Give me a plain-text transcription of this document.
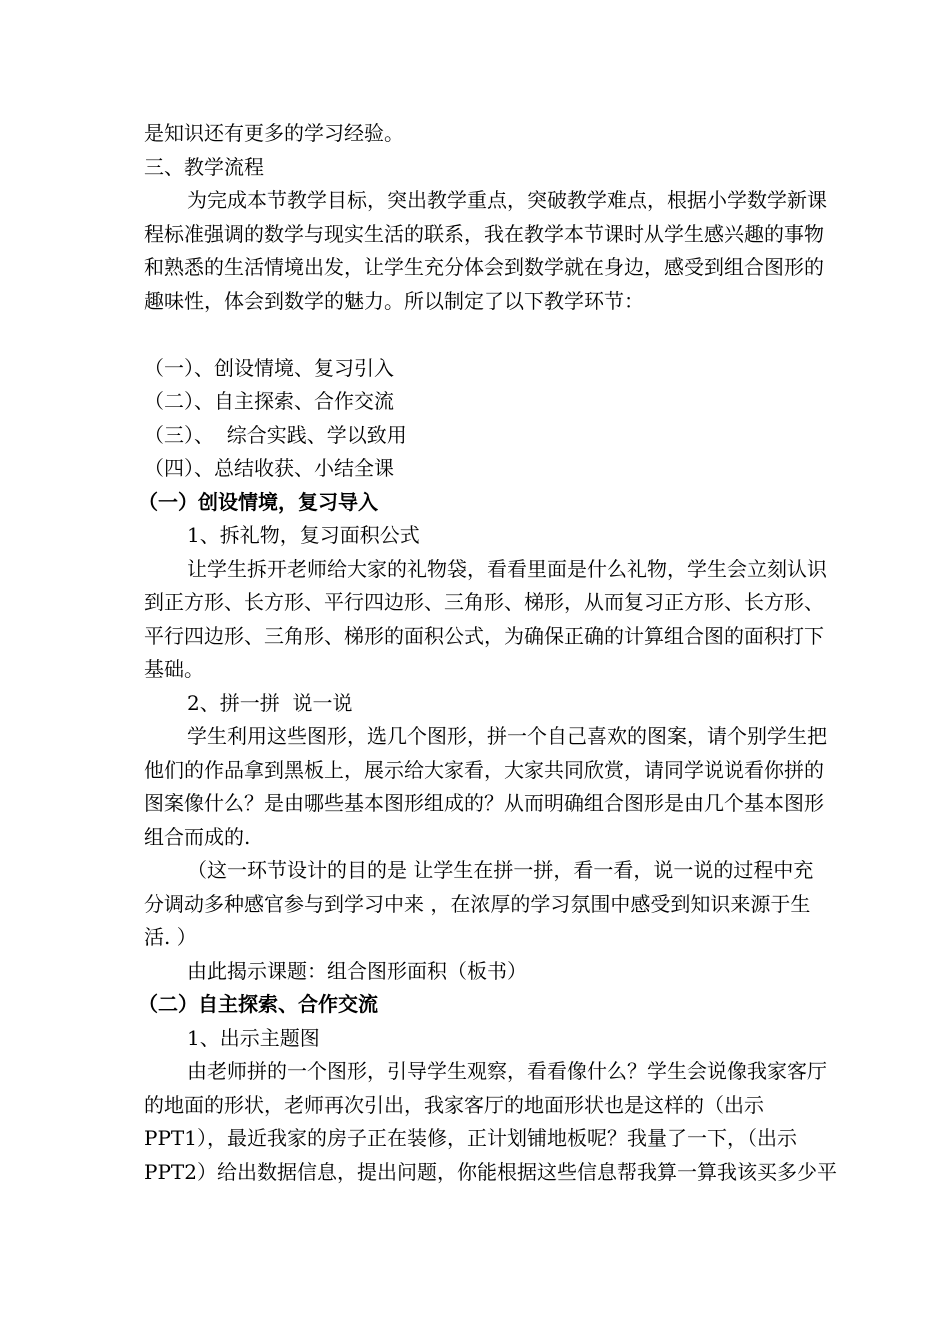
是知识还有更多的学习经验。
三、教学流程
为完成本节教学目标，突出教学重点，突破教学难点，根据小学数学新课
程标准强调的数学与现实生活的联系，我在教学本节课时从学生感兴趣的事物
和熟悉的生活情境出发，让学生充分体会到数学就在身边，感受到组合图形的
趣味性，体会到数学的魅力。所以制定了以下教学环节：
（一）、创设情境、复习引入
（二）、自主探索、合作交流
（三）、  综合实践、学以致用
（四）、总结收获、小结全课
（一）创设情境，复习导入
1、拆礼物，复习面积公式
让学生拆开老师给大家的礼物袋，看看里面是什么礼物，学生会立刻认识
到正方形、长方形、平行四边形、三角形、梯形，从而复习正方形、长方形、
平行四边形、三角形、梯形的面积公式，为确保正确的计算组合图的面积打下
基础。
2、拼一拼  说一说
学生利用这些图形，选几个图形，拼一个自己喜欢的图案，请个别学生把
他们的作品拿到黑板上，展示给大家看，大家共同欣赏，请同学说说看你拼的
图案像什么？是由哪些基本图形组成的？从而明确组合图形是由几个基本图形
组合而成的.
（这一环节设计的目的是 让学生在拼一拼，看一看，说一说的过程中充
分调动多种感官参与到学习中来 ，在浓厚的学习氛围中感受到知识来源于生
活. ）
由此揭示课题：组合图形面积（板书）
（二）自主探索、合作交流
1、出示主题图
由老师拼的一个图形，引导学生观察，看看像什么？学生会说像我家客厅
的地面的形状，老师再次引出，我家客厅的地面形状也是这样的（出示
PPT1），最近我家的房子正在装修，正计划铺地板呢？我量了一下，（出示
PPT2）给出数据信息，提出问题，你能根据这些信息帮我算一算我该买多少平
